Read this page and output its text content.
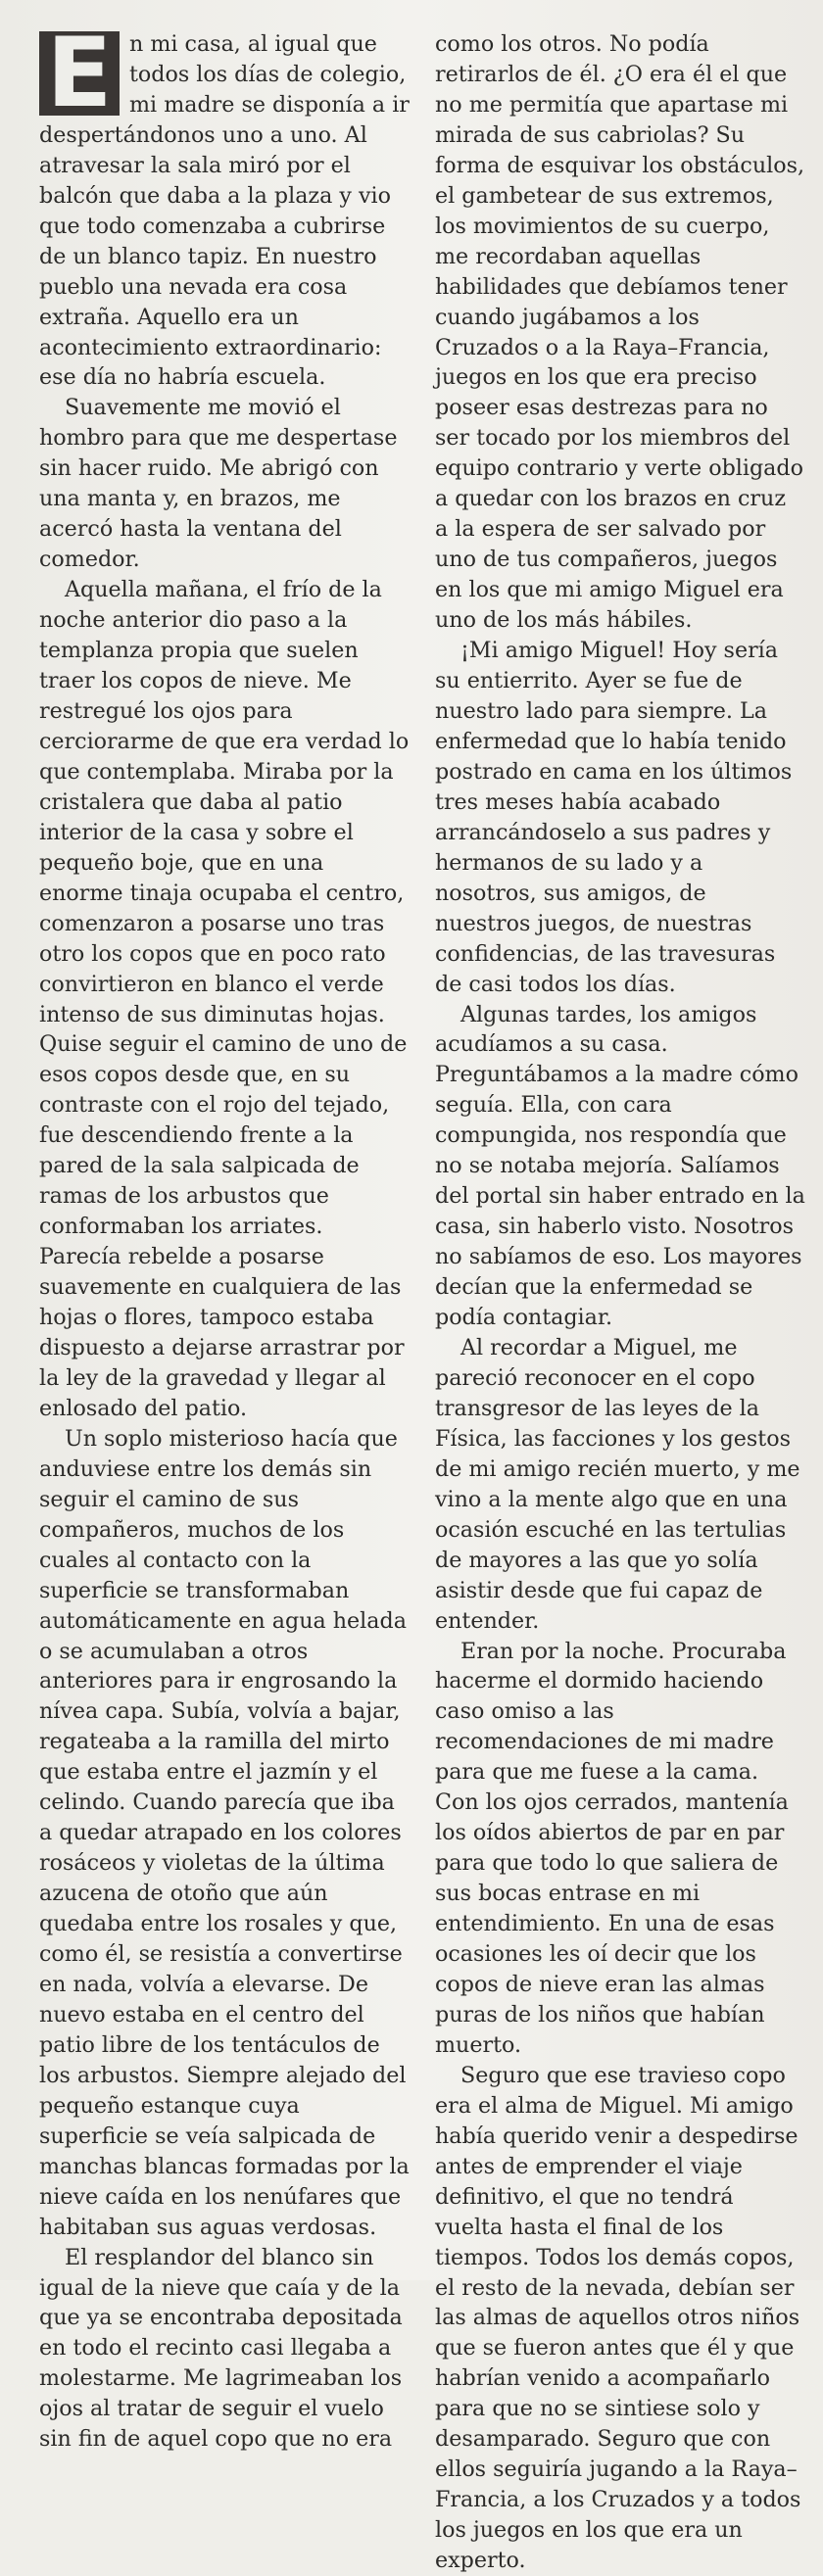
E n mi casa, al igual que todos los días de colegio, mi madre se disponía a ir despertándonos uno a uno. Al atravesar la sala miró por el balcón que daba a la plaza y vio que todo comenzaba a cubrirse de un blanco tapiz. En nuestro pueblo una nevada era cosa extraña. Aquello era un acontecimiento extraordinario: ese día no habría escuela.

Suavemente me movió el hombro para que me despertase sin hacer ruido. Me abrigó con una manta y, en brazos, me acercó hasta la ventana del comedor.

Aquella mañana, el frío de la noche anterior dio paso a la templanza propia que suelen traer los copos de nieve. Me restregué los ojos para cerciorarme de que era verdad lo que contemplaba. Miraba por la cristalera que daba al patio interior de la casa y sobre el pequeño boje, que en una enorme tinaja ocupaba el centro, comenzaron a posarse uno tras otro los copos que en poco rato convirtieron en blanco el verde intenso de sus diminutas hojas. Quise seguir el camino de uno de esos copos desde que, en su contraste con el rojo del tejado, fue descendiendo frente a la pared de la sala salpicada de ramas de los arbustos que conformaban los arriates. Parecía rebelde a posarse suavemente en cualquiera de las hojas o flores, tampoco estaba dispuesto a dejarse arrastrar por la ley de la gravedad y llegar al enlosado del patio.

Un soplo misterioso hacía que anduviese entre los demás sin seguir el camino de sus compañeros, muchos de los cuales al contacto con la superficie se transformaban automáticamente en agua helada o se acumulaban a otros anteriores para ir engrosando la nívea capa. Subía, volvía a bajar, regateaba a la ramilla del mirto que estaba entre el jazmín y el celindo. Cuando parecía que iba a quedar atrapado en los colores rosáceos y violetas de la última azucena de otoño que aún quedaba entre los rosales y que, como él, se resistía a convertirse en nada, volvía a elevarse. De nuevo estaba en el centro del patio libre de los tentáculos de los arbustos. Siempre alejado del pequeño estanque cuya superficie se veía salpicada de manchas blancas formadas por la nieve caída en los nenúfares que habitaban sus aguas verdosas.

El resplandor del blanco sin igual de la nieve que caía y de la que ya se encontraba depositada en todo el recinto casi llegaba a molestarme. Me lagrimeaban los ojos al tratar de seguir el vuelo sin fin de aquel copo que no era

como los otros. No podía retirarlos de él. ¿O era él el que no me permitía que apartase mi mirada de sus cabriolas? Su forma de esquivar los obstáculos, el gambetear de sus extremos, los movimientos de su cuerpo, me recordaban aquellas habilidades que debíamos tener cuando jugábamos a los Cruzados o a la Raya–Francia, juegos en los que era preciso poseer esas destrezas para no ser tocado por los miembros del equipo contrario y verte obligado a quedar con los brazos en cruz a la espera de ser salvado por uno de tus compañeros, juegos en los que mi amigo Miguel era uno de los más hábiles.

¡Mi amigo Miguel! Hoy sería su entierrito. Ayer se fue de nuestro lado para siempre. La enfermedad que lo había tenido postrado en cama en los últimos tres meses había acabado arrancándoselo a sus padres y hermanos de su lado y a nosotros, sus amigos, de nuestros juegos, de nuestras confidencias, de las travesuras de casi todos los días.

Algunas tardes, los amigos acudíamos a su casa. Preguntábamos a la madre cómo seguía. Ella, con cara compungida, nos respondía que no se notaba mejoría. Salíamos del portal sin haber entrado en la casa, sin haberlo visto. Nosotros no sabíamos de eso. Los mayores decían que la enfermedad se podía contagiar.

Al recordar a Miguel, me pareció reconocer en el copo transgresor de las leyes de la Física, las facciones y los gestos de mi amigo recién muerto, y me vino a la mente algo que en una ocasión escuché en las tertulias de mayores a las que yo solía asistir desde que fui capaz de entender.

Eran por la noche. Procuraba hacerme el dormido haciendo caso omiso a las recomendaciones de mi madre para que me fuese a la cama. Con los ojos cerrados, mantenía los oídos abiertos de par en par para que todo lo que saliera de sus bocas entrase en mi entendimiento. En una de esas ocasiones les oí decir que los copos de nieve eran las almas puras de los niños que habían muerto.

Seguro que ese travieso copo era el alma de Miguel. Mi amigo había querido venir a despedirse antes de emprender el viaje definitivo, el que no tendrá vuelta hasta el final de los tiempos. Todos los demás copos, el resto de la nevada, debían ser las almas de aquellos otros niños que se fueron antes que él y que habrían venido a acompañarlo para que no se sintiese solo y desamparado. Seguro que con ellos seguiría jugando a la Raya–Francia, a los Cruzados y a todos los juegos en los que era un experto.
